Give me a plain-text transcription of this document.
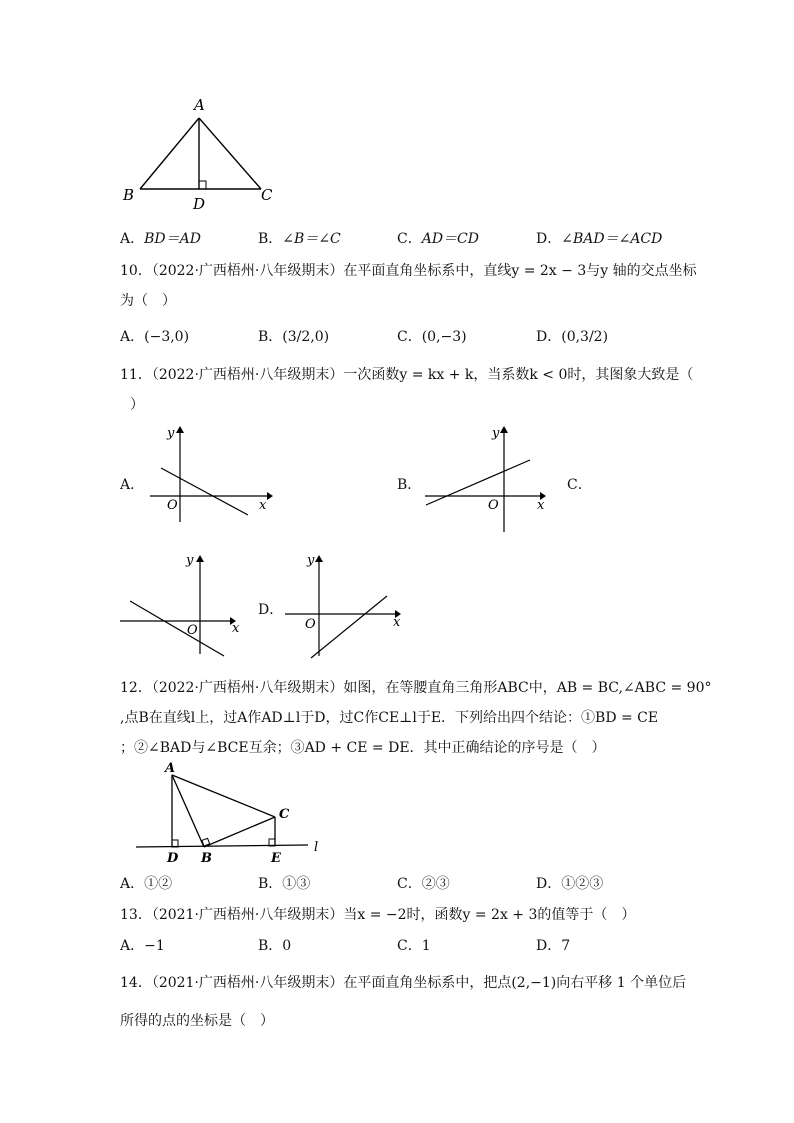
A
B	C
D
A．BD＝AD	B．∠B＝∠C	C．AD＝CD	D．∠BAD＝∠ACD
10．（2022·广西梧州·八年级期末）在平面直角坐标系中，直线y = 2x − 3与y 轴的交点坐标
为（　）
A．(−3,0)	B．(3/2,0)	C．(0,−3)	D．(0,3/2)
11．（2022·广西梧州·八年级期末）一次函数y = kx + k，当系数k < 0时，其图象大致是（
）
A．
y
x
O
B．
y
x
O
C．
y
x
O
D．
y
x
O
12．（2022·广西梧州·八年级期末）如图，在等腰直角三角形ABC中，AB = BC,∠ABC = 90°
,点B在直线l上，过A作AD⊥l于D，过C作CE⊥l于E．下列给出四个结论：①BD = CE
；②∠BAD与∠BCE互余；③AD + CE = DE．其中正确结论的序号是（　）
A
C
D B	E
l
A．①②	B．①③	C．②③	D．①②③
13．（2021·广西梧州·八年级期末）当x = −2时，函数y = 2x + 3的值等于（　）
A．−1	B．0	C．1	D．7
14．（2021·广西梧州·八年级期末）在平面直角坐标系中，把点(2,−1)向右平移 1 个单位后
所得的点的坐标是（　）
